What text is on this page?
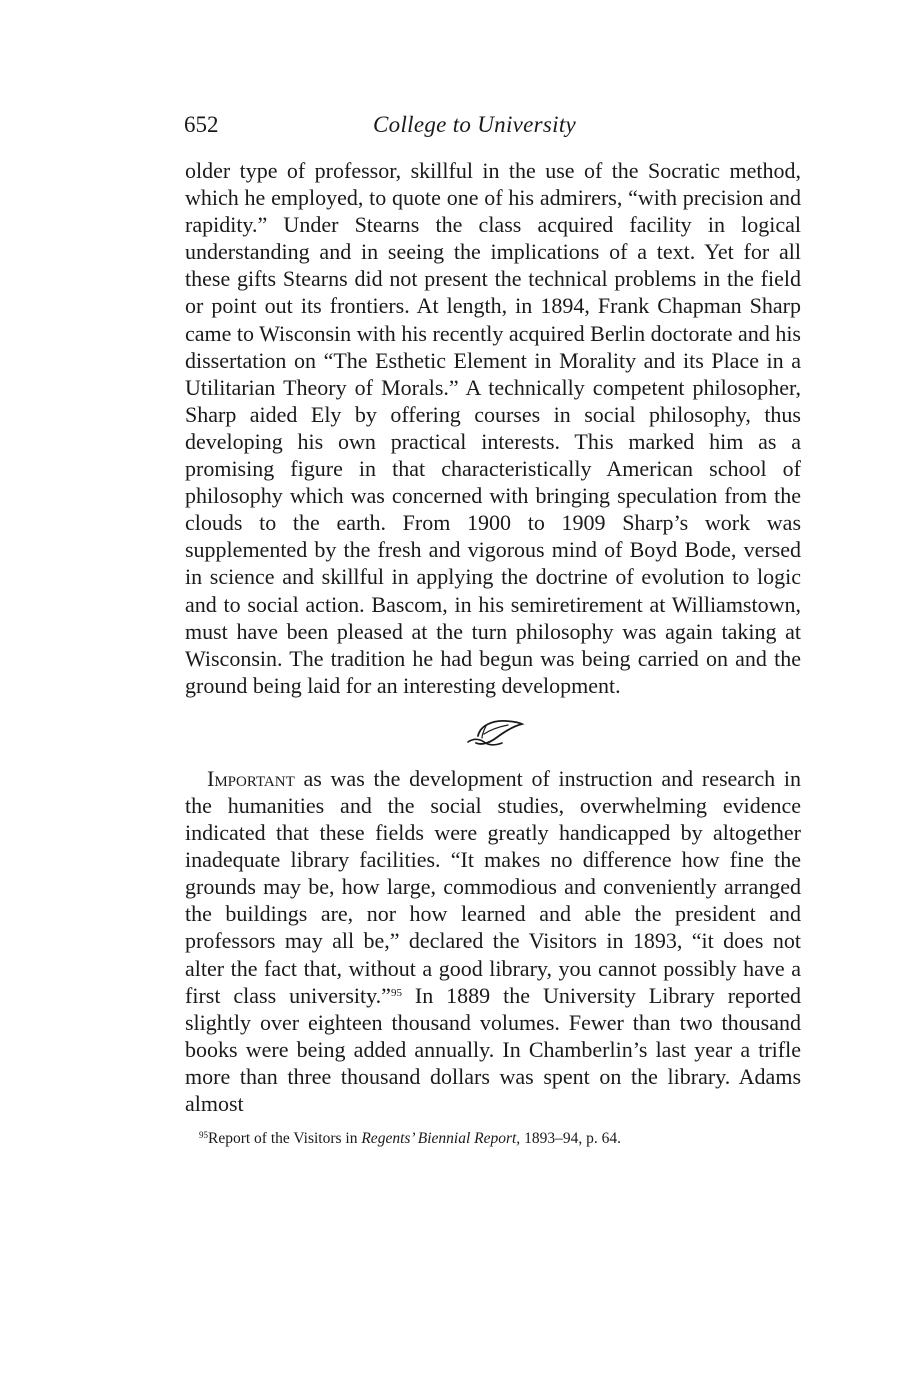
652	College to University

older type of professor, skillful in the use of the Socratic method, which he employed, to quote one of his admirers, “with precision and rapidity.” Under Stearns the class acquired facility in logical understanding and in seeing the implications of a text. Yet for all these gifts Stearns did not present the technical problems in the field or point out its frontiers. At length, in 1894, Frank Chapman Sharp came to Wisconsin with his recently acquired Berlin doctorate and his dissertation on “The Esthetic Element in Morality and its Place in a Utilitarian Theory of Morals.” A technically competent philosopher, Sharp aided Ely by offering courses in social philosophy, thus developing his own practical interests. This marked him as a promising figure in that characteristically American school of philosophy which was concerned with bringing speculation from the clouds to the earth. From 1900 to 1909 Sharp’s work was supplemented by the fresh and vigorous mind of Boyd Bode, versed in science and skillful in applying the doctrine of evolution to logic and to social action. Bascom, in his semiretirement at Williamstown, must have been pleased at the turn philosophy was again taking at Wisconsin. The tradition he had begun was being carried on and the ground being laid for an interesting development.

Important as was the development of instruction and research in the humanities and the social studies, overwhelming evidence indicated that these fields were greatly handicapped by altogether inadequate library facilities. “It makes no difference how fine the grounds may be, how large, commodious and conveniently arranged the buildings are, nor how learned and able the president and professors may all be,” declared the Visitors in 1893, “it does not alter the fact that, without a good library, you cannot possibly have a first class university.”$^{95}$ In 1889 the University Library reported slightly over eighteen thousand volumes. Fewer than two thousand books were being added annually. In Chamberlin’s last year a trifle more than three thousand dollars was spent on the library. Adams almost

$^{95}$Report of the Visitors in Regents’ Biennial Report, 1893–94, p. 64.
